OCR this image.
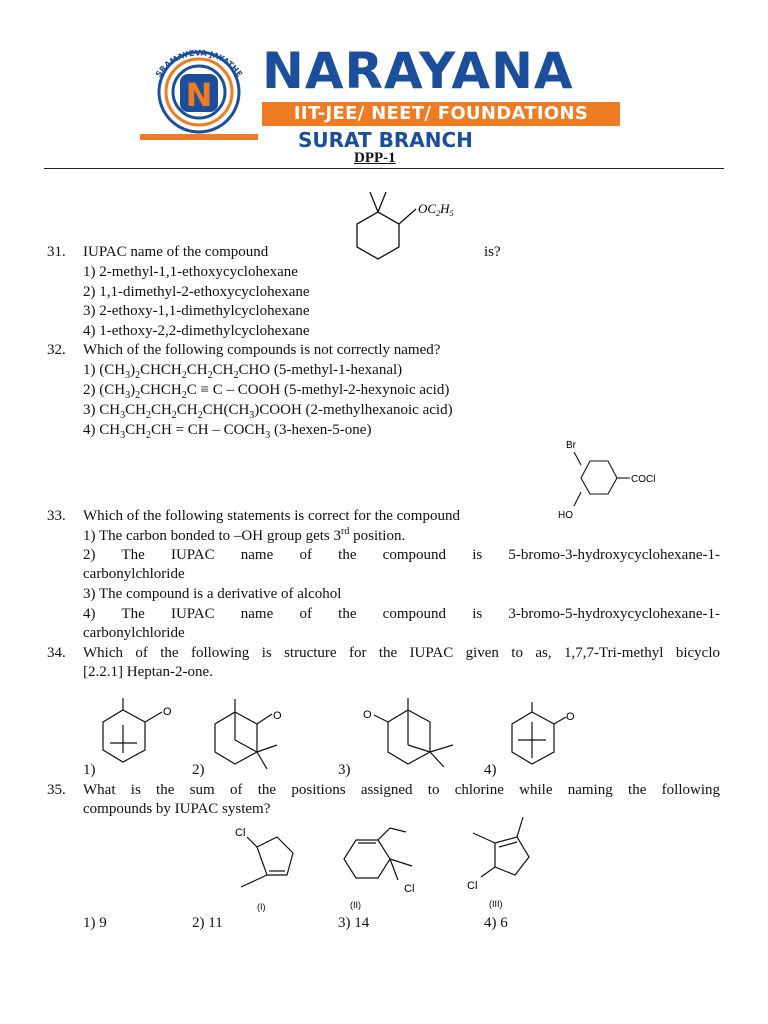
SRAMAYEVA JAYATHE
N NARAYANA
IIT-JEE/ NEET/ FOUNDATIONS
SURAT BRANCH
DPP-1
$OC_2H_5$
31. IUPAC name of the compound	is?
1) 2-methyl-1,1-ethoxycyclohexane
2) 1,1-dimethyl-2-ethoxycyclohexane
3) 2-ethoxy-1,1-dimethylcyclohexane
4) 1-ethoxy-2,2-dimethylcyclohexane
32. Which of the following compounds is not correctly named?
1) $(CH_3)_2CHCH_2CH_2CH_2CHO$ (5-methyl-1-hexanal)
2) $(CH_3)_2CHCH_2C \equiv C$ – COOH (5-methyl-2-hexynoic acid)
3) $CH_3CH_2CH_2CH_2CH(CH_3)COOH$ (2-methylhexanoic acid)
4) $CH_3CH_2CH$ = CH – $COCH_3$ (3-hexen-5-one)
Br
COCl
HO
33. Which of the following statements is correct for the compound
1) The carbon bonded to –OH group gets 3rd position.
2) The IUPAC name of the compound is 5-bromo-3-hydroxycyclohexane-1-
carbonylchloride
3) The compound is a derivative of alcohol
4) The IUPAC name of the compound is 3-bromo-5-hydroxycyclohexane-1-
carbonylchloride
34. Which of the following is structure for the IUPAC given to as, 1,7,7-Tri-methyl bicyclo
[2.2.1] Heptan-2-one.
O	O	O	O
1)	2)	3)	4)
35. What is the sum of the positions assigned to chlorine while naming the following
compounds by IUPAC system?
Cl
(I)
Cl
(II)
Cl
(III)
1) 9	2) 11	3) 14	4) 6
